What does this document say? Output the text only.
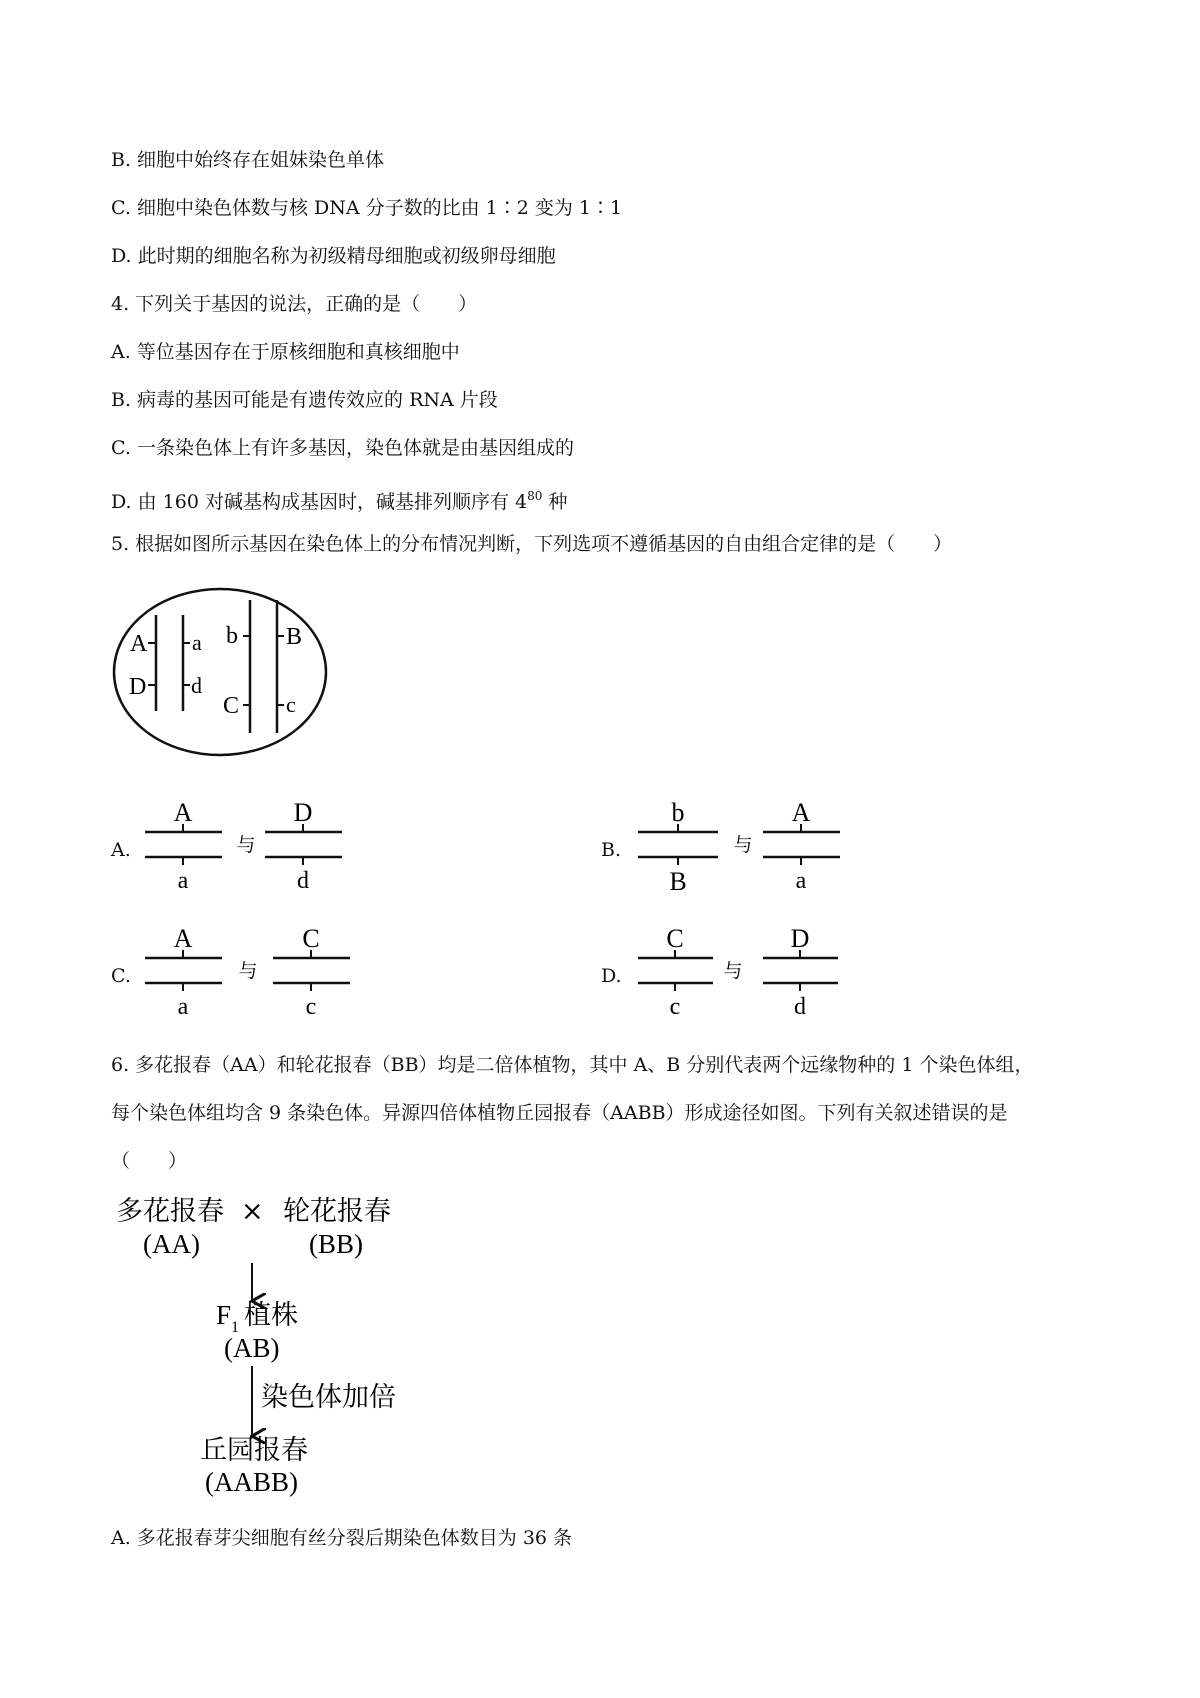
B. 细胞中始终存在姐妹染色单体
C. 细胞中染色体数与核 DNA 分子数的比由 1∶2 变为 1∶1
D. 此时期的细胞名称为初级精母细胞或初级卵母细胞
4. 下列关于基因的说法，正确的是（　　）
A. 等位基因存在于原核细胞和真核细胞中
B. 病毒的基因可能是有遗传效应的 RNA 片段
C. 一条染色体上有许多基因，染色体就是由基因组成的
D. 由 160 对碱基构成基因时，碱基排列顺序有 $4^{80}$ 种
5. 根据如图所示基因在染色体上的分布情况判断，下列选项不遵循基因的自由组合定律的是（　　）
A
D
a
d
b
C
B
c
A.
A
a
与
D
d
B.
b
B
与
A
a
C.
A
a
与
C
c
D.
C
c
与
D
d
6. 多花报春（AA）和轮花报春（BB）均是二倍体植物，其中 A、B 分别代表两个远缘物种的 1 个染色体组，
每个染色体组均含 9 条染色体。异源四倍体植物丘园报春（AABB）形成途径如图。下列有关叙述错误的是
（　　）
多花报春 × 轮花报春
(AA)	(BB)
F 1 植株
(AB)
染色体加倍
丘园报春
(AABB)
A. 多花报春芽尖细胞有丝分裂后期染色体数目为 36 条
